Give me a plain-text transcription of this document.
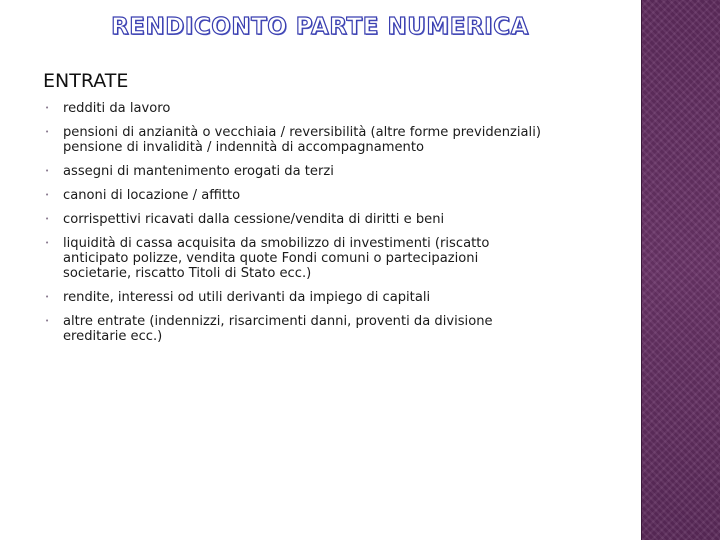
RENDICONTO PARTE NUMERICA
ENTRATE
• redditi da lavoro
• pensioni di anzianità o vecchiaia / reversibilità (altre forme previdenziali)
pensione di invalidità / indennità di accompagnamento
• assegni di mantenimento erogati da terzi
• canoni di locazione / affitto
• corrispettivi ricavati dalla cessione/vendita di diritti e beni
• liquidità di cassa acquisita da smobilizzo di investimenti (riscatto
anticipato polizze, vendita quote Fondi comuni o partecipazioni
societarie, riscatto Titoli di Stato ecc.)
• rendite, interessi od utili derivanti da impiego di capitali
• altre entrate (indennizzi, risarcimenti danni, proventi da divisione
ereditarie ecc.)
